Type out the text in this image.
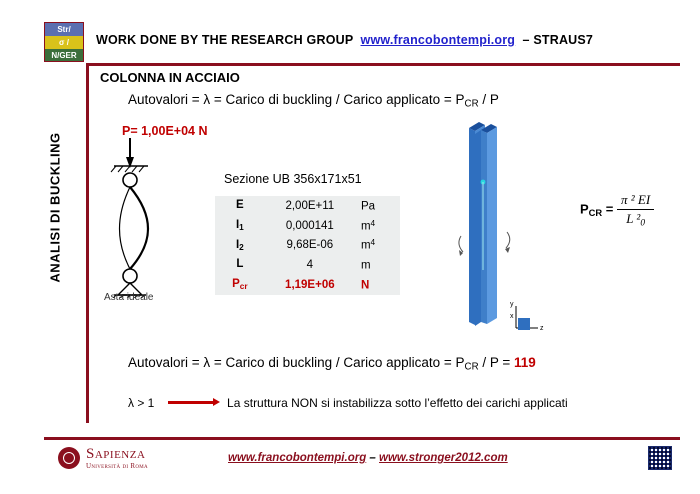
Str/
σ /
N/GER
WORK DONE BY THE RESEARCH GROUP www.francobontempi.org – STRAUS7
ANALISI DI BUCKLING
COLONNA IN ACCIAIO
Autovalori = λ = Carico di buckling / Carico applicato = $P_{CR}$ / P
P= 1,00E+04 N
Asta ideale
Sezione UB 356x171x51
E	2,00E+11	Pa
$I_1$	0,000141	$m^4$
$I_2$	9,68E-06	$m^4$
L	4	m
$P_{cr}$	1,19E+06	N
y
z
x
$P_{CR} = \frac{\text{π ² EI}}{L ^2_0}$
Autovalori = λ = Carico di buckling / Carico applicato = $P_{CR} / P = 119$
λ > 1	La struttura NON si instabilizza sotto l’effetto dei carichi applicati
Sapienza
Università di Roma
www.francobontempi.org – www.stronger2012.com
